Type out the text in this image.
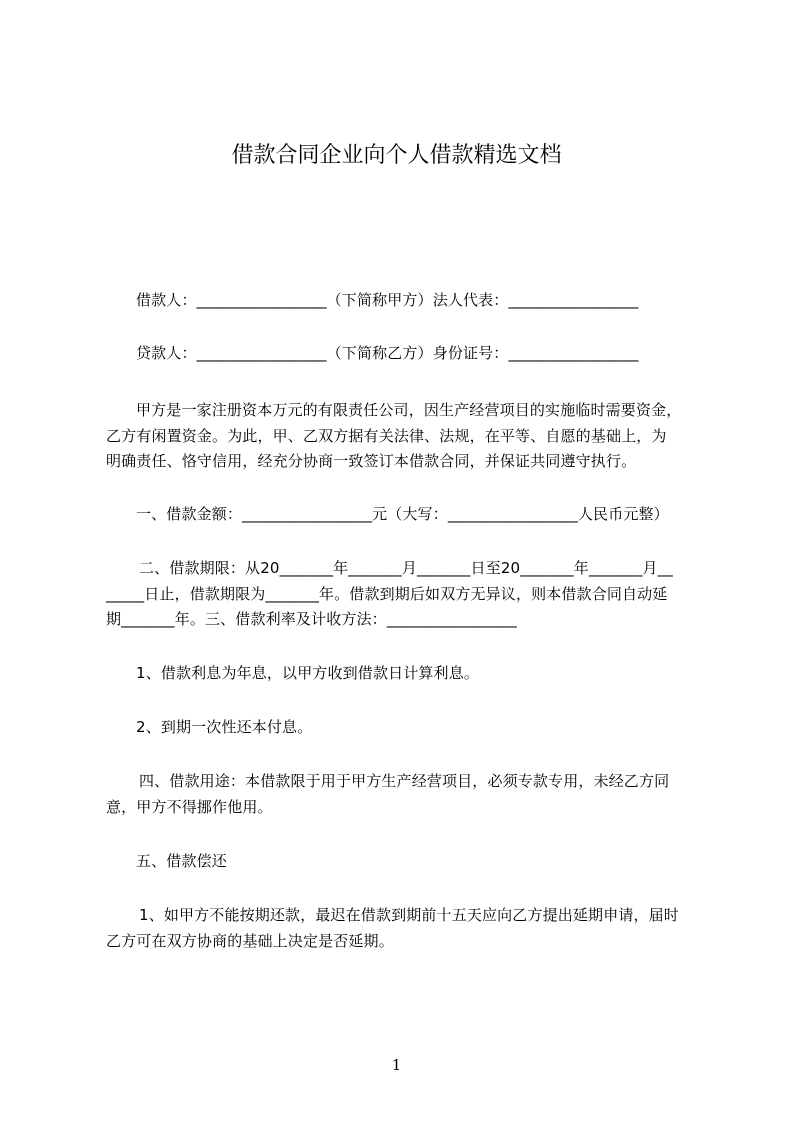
借款合同企业向个人借款精选文档
借款人：_________________（下简称甲方）法人代表：_________________
贷款人：_________________（下简称乙方）身份证号：_________________
甲方是一家注册资本万元的有限责任公司，因生产经营项目的实施临时需要资金，
乙方有闲置资金。为此，甲、乙双方据有关法律、法规，在平等、自愿的基础上，为
明确责任、恪守信用，经充分协商一致签订本借款合同，并保证共同遵守执行。
一、借款金额：_________________元（大写：_________________人民币元整）
二、借款期限：从20_______年_______月_______日至20_______年_______月__
_____日止，借款期限为_______年。借款到期后如双方无异议，则本借款合同自动延
期_______年。三、借款利率及计收方法：_________________
1、借款利息为年息，以甲方收到借款日计算利息。
2、到期一次性还本付息。
四、借款用途：本借款限于用于甲方生产经营项目，必须专款专用，未经乙方同
意，甲方不得挪作他用。
五、借款偿还
1、如甲方不能按期还款，最迟在借款到期前十五天应向乙方提出延期申请，届时
乙方可在双方协商的基础上决定是否延期。
1
